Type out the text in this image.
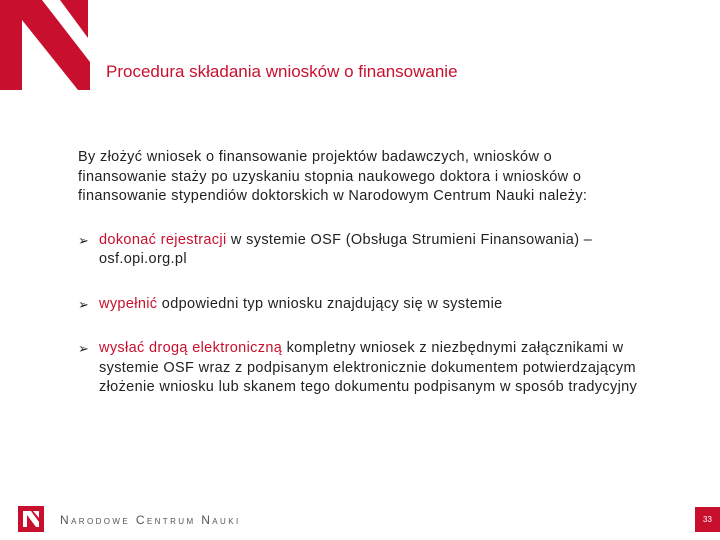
Procedura składania wniosków o finansowanie

By złożyć wniosek o finansowanie projektów badawczych, wniosków o finansowanie staży po uzyskaniu stopnia naukowego doktora i wniosków o finansowanie stypendiów doktorskich w Narodowym Centrum Nauki należy:

➢ dokonać rejestracji w systemie OSF (Obsługa Strumieni Finansowania) – osf.opi.org.pl
➢ wypełnić odpowiedni typ wniosku znajdujący się w systemie
➢ wysłać drogą elektroniczną kompletny wniosek z niezbędnymi załącznikami w systemie OSF wraz z podpisanym elektronicznie dokumentem potwierdzającym złożenie wniosku lub skanem tego dokumentu podpisanym w sposób tradycyjny
Narodowe Centrum Nauki	33
